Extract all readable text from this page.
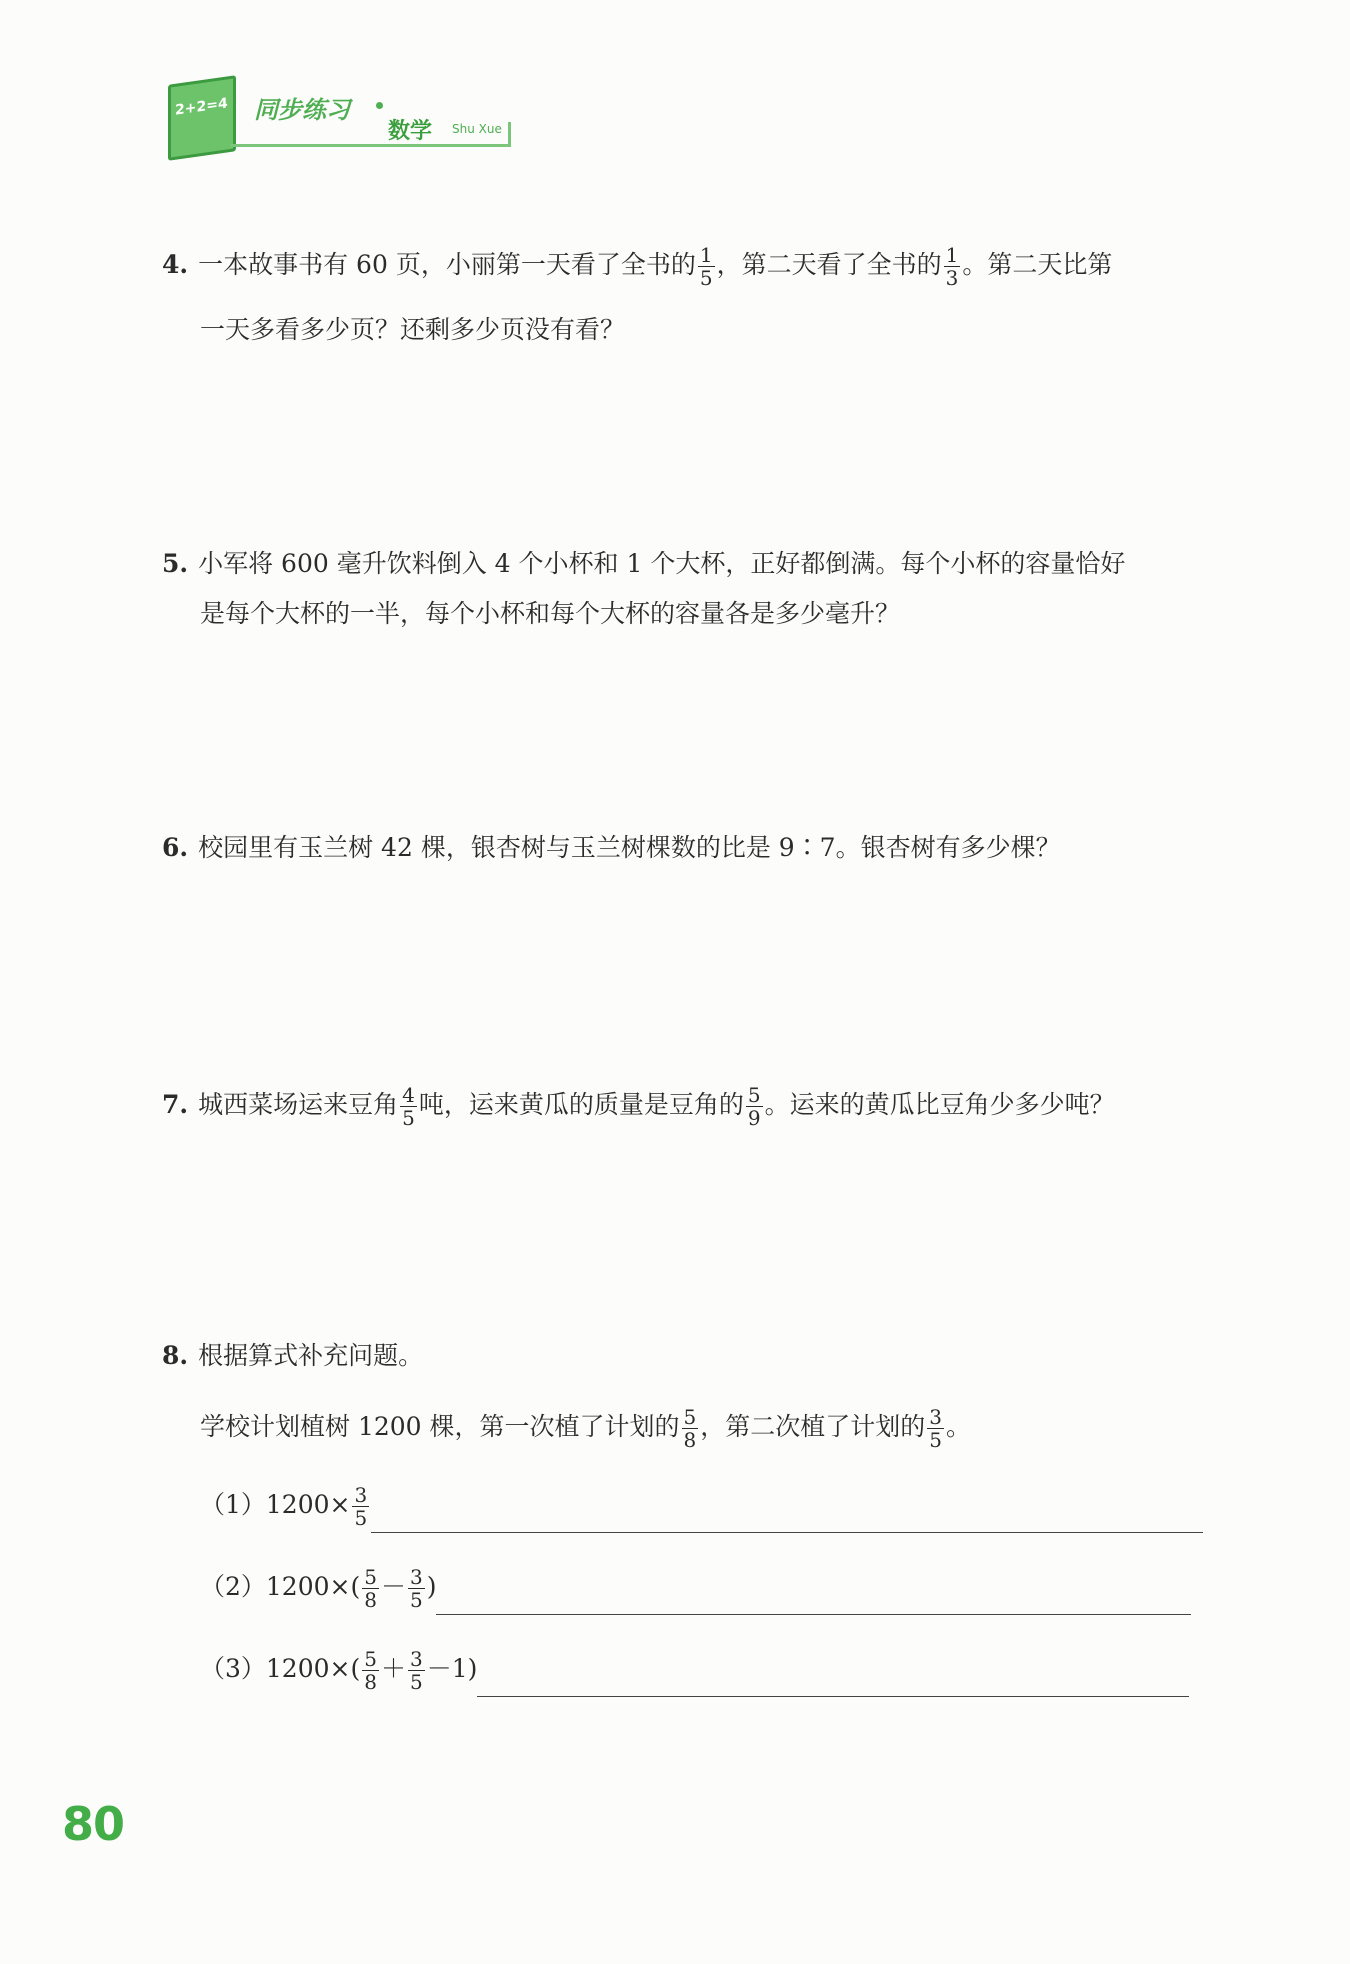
2+2=4 同步练习
数学 Shu Xue
4. 一本故事书有 60 页，小丽第一天看了全书的 $\frac{1}{5}$ ，第二天看了全书的 $\frac{1}{3}$ 。第二天比第
一天多看多少页？还剩多少页没有看？
5. 小军将 600 毫升饮料倒入 4 个小杯和 1 个大杯，正好都倒满。每个小杯的容量恰好
是每个大杯的一半，每个小杯和每个大杯的容量各是多少毫升？
6. 校园里有玉兰树 42 棵，银杏树与玉兰树棵数的比是 9∶7。银杏树有多少棵？
7. 城西菜场运来豆角 $\frac{4}{5}$ 吨，运来黄瓜的质量是豆角的 $\frac{5}{9}$ 。运来的黄瓜比豆角少多少吨？
8. 根据算式补充问题。
学校计划植树 1200 棵，第一次植了计划的 $\frac{5}{8}$ ，第二次植了计划的 $\frac{3}{5}$ 。
$(1)1200\times \frac{3}{5}$
$(2)1200\times( \frac{5}{8} - \frac{3}{5}$ )
$(3)1200\times( \frac{5}{8} + \frac{3}{5} -1)$
80
